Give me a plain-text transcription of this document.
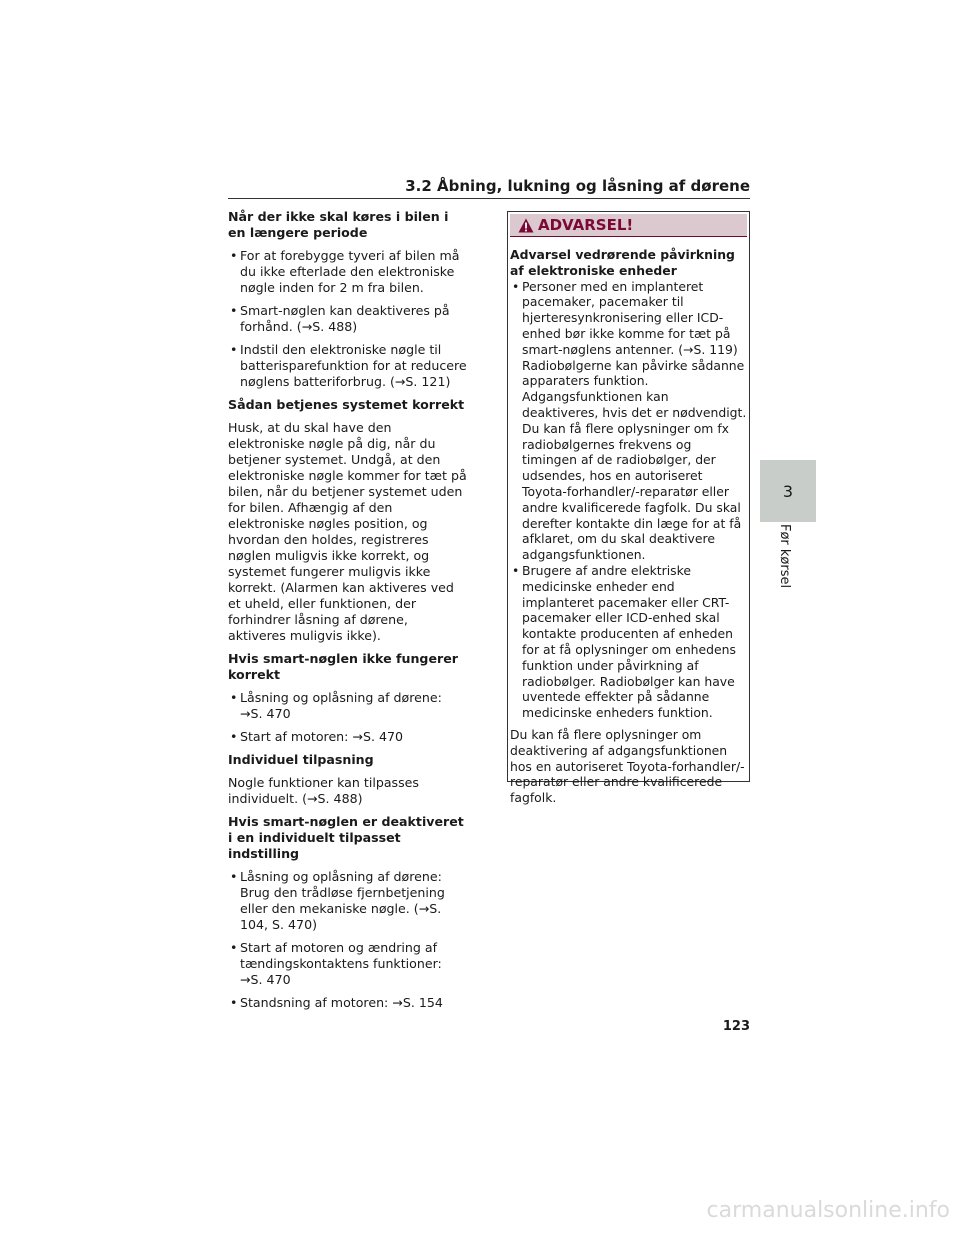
3.2 Åbning, lukning og låsning af dørene

Når der ikke skal køres i bilen i en længere periode

• For at forebygge tyveri af bilen må du ikke efterlade den elektroniske nøgle inden for 2 m fra bilen.
• Smart-nøglen kan deaktiveres på forhånd. (→S. 488)
• Indstil den elektroniske nøgle til batterisparefunktion for at reducere nøglens batteriforbrug. (→S. 121)

Sådan betjenes systemet korrekt

Husk, at du skal have den elektroniske nøgle på dig, når du betjener systemet. Undgå, at den elektroniske nøgle kommer for tæt på bilen, når du betjener systemet uden for bilen. Afhængig af den elektroniske nøgles position, og hvordan den holdes, registreres nøglen muligvis ikke korrekt, og systemet fungerer muligvis ikke korrekt. (Alarmen kan aktiveres ved et uheld, eller funktionen, der forhindrer låsning af dørene, aktiveres muligvis ikke).

Hvis smart-nøglen ikke fungerer korrekt

• Låsning og oplåsning af dørene: →S. 470
• Start af motoren: →S. 470

Individuel tilpasning

Nogle funktioner kan tilpasses individuelt. (→S. 488)

Hvis smart-nøglen er deaktiveret i en individuelt tilpasset indstilling

• Låsning og oplåsning af dørene: Brug den trådløse fjernbetjening eller den mekaniske nøgle. (→S. 104, S. 470)
• Start af motoren og ændring af tændingskontaktens funktioner: →S. 470
• Standsning af motoren: →S. 154
ADVARSEL!

Advarsel vedrørende påvirkning af elektroniske enheder

• Personer med en implanteret pacemaker, pacemaker til hjerteresynkronisering eller ICD-enhed bør ikke komme for tæt på smart-nøglens antenner. (→S. 119) Radiobølgerne kan påvirke sådanne apparaters funktion. Adgangsfunktionen kan deaktiveres, hvis det er nødvendigt. Du kan få flere oplysninger om fx radiobølgernes frekvens og timingen af de radiobølger, der udsendes, hos en autoriseret Toyota-forhandler/-reparatør eller andre kvalificerede fagfolk. Du skal derefter kontakte din læge for at få afklaret, om du skal deaktivere adgangsfunktionen.
• Brugere af andre elektriske medicinske enheder end implanteret pacemaker eller CRT-pacemaker eller ICD-enhed skal kontakte producenten af enheden for at få oplysninger om enhedens funktion under påvirkning af radiobølger. Radiobølger kan have uventede effekter på sådanne medicinske enheders funktion.

Du kan få flere oplysninger om deaktivering af adgangsfunktionen hos en autoriseret Toyota-forhandler/-reparatør eller andre kvalificerede fagfolk.

3
Før kørsel
123
carmanualsonline.info
